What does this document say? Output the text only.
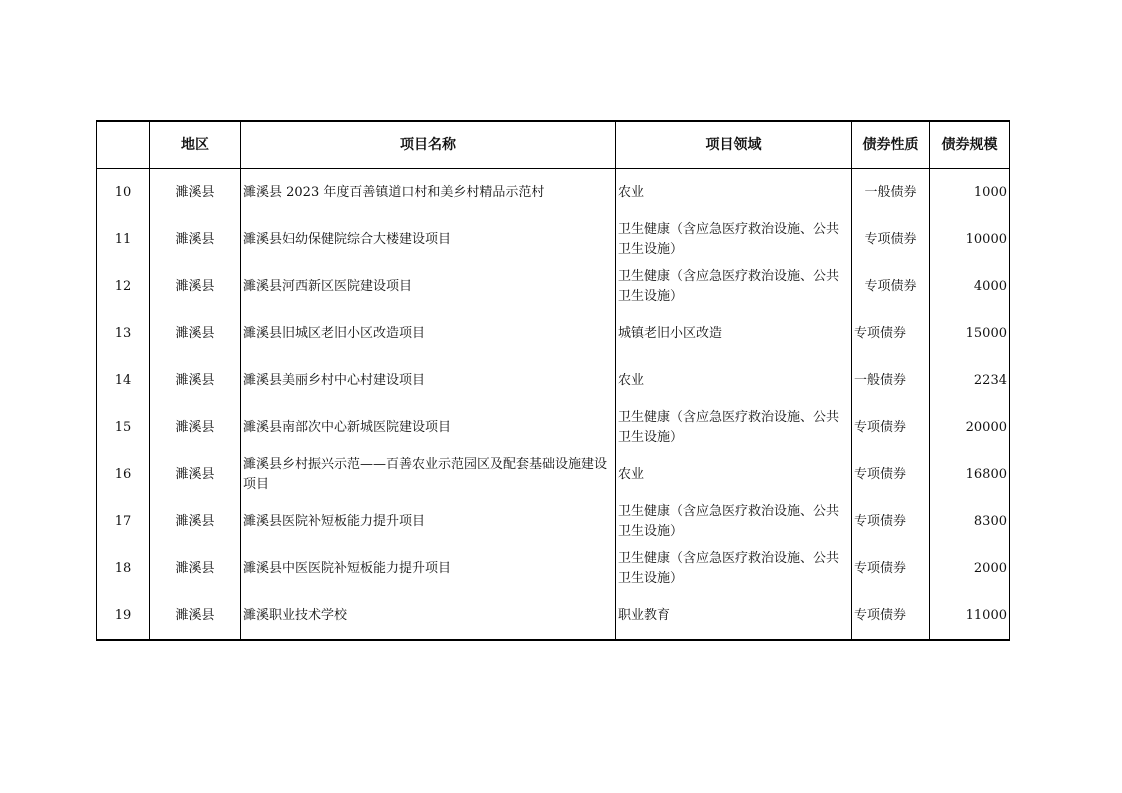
	地区	项目名称	项目领域	债券性质	债券规模
10	濉溪县	濉溪县 2023 年度百善镇道口村和美乡村精品示范村	农业	一般债券	1000
11	濉溪县	濉溪县妇幼保健院综合大楼建设项目	卫生健康（含应急医疗救治设施、公共卫生设施）	专项债券	10000
12	濉溪县	濉溪县河西新区医院建设项目	卫生健康（含应急医疗救治设施、公共卫生设施）	专项债券	4000
13	濉溪县	濉溪县旧城区老旧小区改造项目	城镇老旧小区改造	专项债券	15000
14	濉溪县	濉溪县美丽乡村中心村建设项目	农业	一般债券	2234
15	濉溪县	濉溪县南部次中心新城医院建设项目	卫生健康（含应急医疗救治设施、公共卫生设施）	专项债券	20000
16	濉溪县	濉溪县乡村振兴示范——百善农业示范园区及配套基础设施建设项目	农业	专项债券	16800
17	濉溪县	濉溪县医院补短板能力提升项目	卫生健康（含应急医疗救治设施、公共卫生设施）	专项债券	8300
18	濉溪县	濉溪县中医医院补短板能力提升项目	卫生健康（含应急医疗救治设施、公共卫生设施）	专项债券	2000
19	濉溪县	濉溪职业技术学校	职业教育	专项债券	11000
